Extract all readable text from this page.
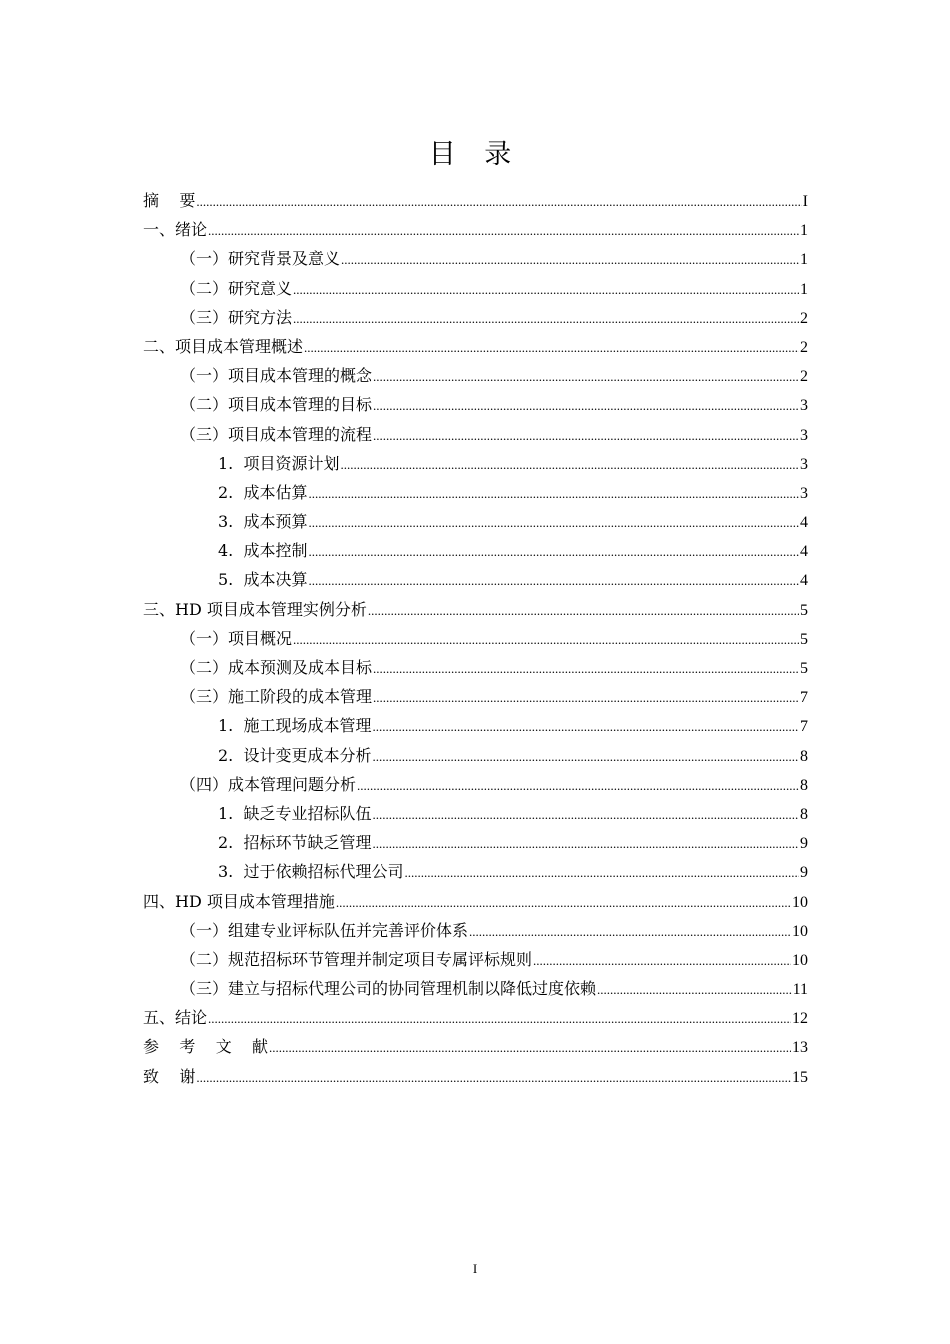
目 录
摘    要 .....	I
一、绪论 .....	1
（一）研究背景及意义 .....	1
（二）研究意义 .....	1
（三）研究方法 .....	2
二、项目成本管理概述 .....	2
（一）项目成本管理的概念 .....	2
（二）项目成本管理的目标 .....	3
（三）项目成本管理的流程 .....	3
1.  项目资源计划 .....	3
2.  成本估算 .....	3
3.  成本预算 .....	4
4.  成本控制 .....	4
5.  成本决算 .....	4
三、HD 项目成本管理实例分析 .....	5
（一）项目概况 .....	5
（二）成本预测及成本目标 .....	5
（三）施工阶段的成本管理 .....	7
1.  施工现场成本管理 .....	7
2.  设计变更成本分析 .....	8
（四）成本管理问题分析 .....	8
1.  缺乏专业招标队伍 .....	8
2.  招标环节缺乏管理 .....	9
3.  过于依赖招标代理公司 .....	9
四、HD 项目成本管理措施 .....	10
（一）组建专业评标队伍并完善评价体系 .....	10
（二）规范招标环节管理并制定项目专属评标规则 .....	10
（三）建立与招标代理公司的协同管理机制以降低过度依赖 .....	11
五、结论 .....	12
参    考    文    献 .....	13
致    谢 .....	15
I
